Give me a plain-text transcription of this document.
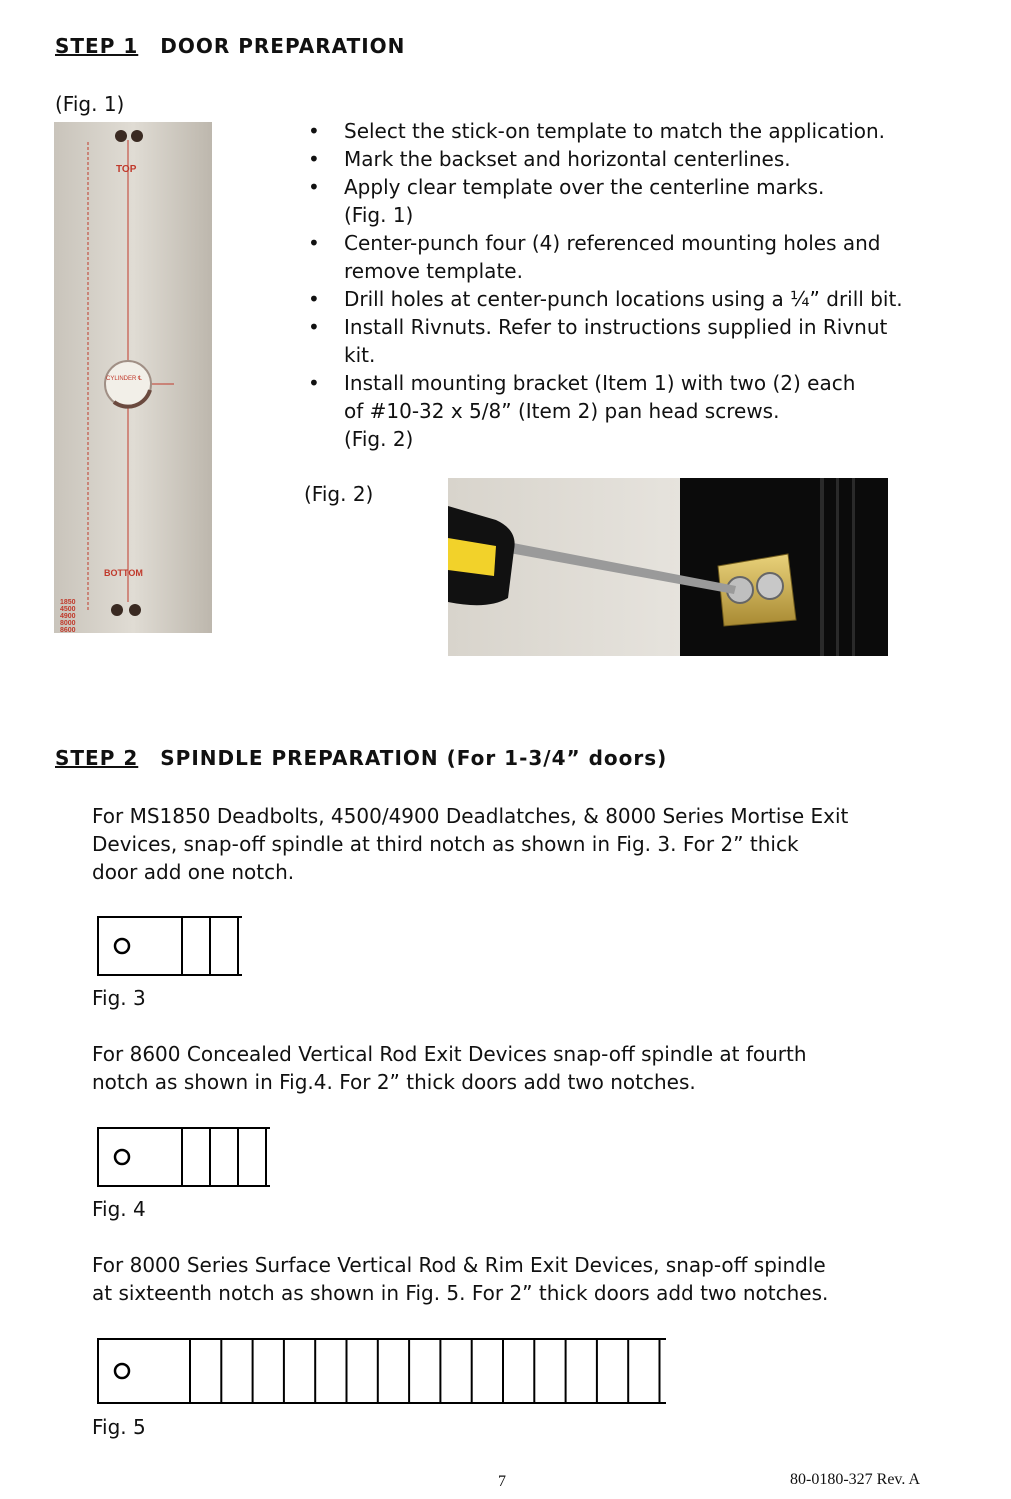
STEP 1 DOOR PREPARATION
(Fig. 1)
TOP
CYLINDER ℄
BOTTOM
1850
4500
4900
8000
8600
• Select the stick-on template to match the application.
• Mark the backset and horizontal centerlines.
• Apply clear template over the centerline marks.
(Fig. 1)
• Center-punch four (4) referenced mounting holes and
remove template.
• Drill holes at center-punch locations using a ¼” drill bit.
• Install Rivnuts. Refer to instructions supplied in Rivnut
kit.
• Install mounting bracket (Item 1) with two (2) each
of #10-32 x 5/8” (Item 2) pan head screws.
(Fig. 2)
(Fig. 2)
STEP 2 SPINDLE PREPARATION (For 1-3/4” doors)
For MS1850 Deadbolts, 4500/4900 Deadlatches, & 8000 Series Mortise Exit
Devices, snap-off spindle at third notch as shown in Fig. 3. For 2” thick
door add one notch.
Fig. 3
For 8600 Concealed Vertical Rod Exit Devices snap-off spindle at fourth
notch as shown in Fig.4. For 2” thick doors add two notches.
Fig. 4
For 8000 Series Surface Vertical Rod & Rim Exit Devices, snap-off spindle
at sixteenth notch as shown in Fig. 5. For 2” thick doors add two notches.
Fig. 5
7	80-0180-327 Rev. A
